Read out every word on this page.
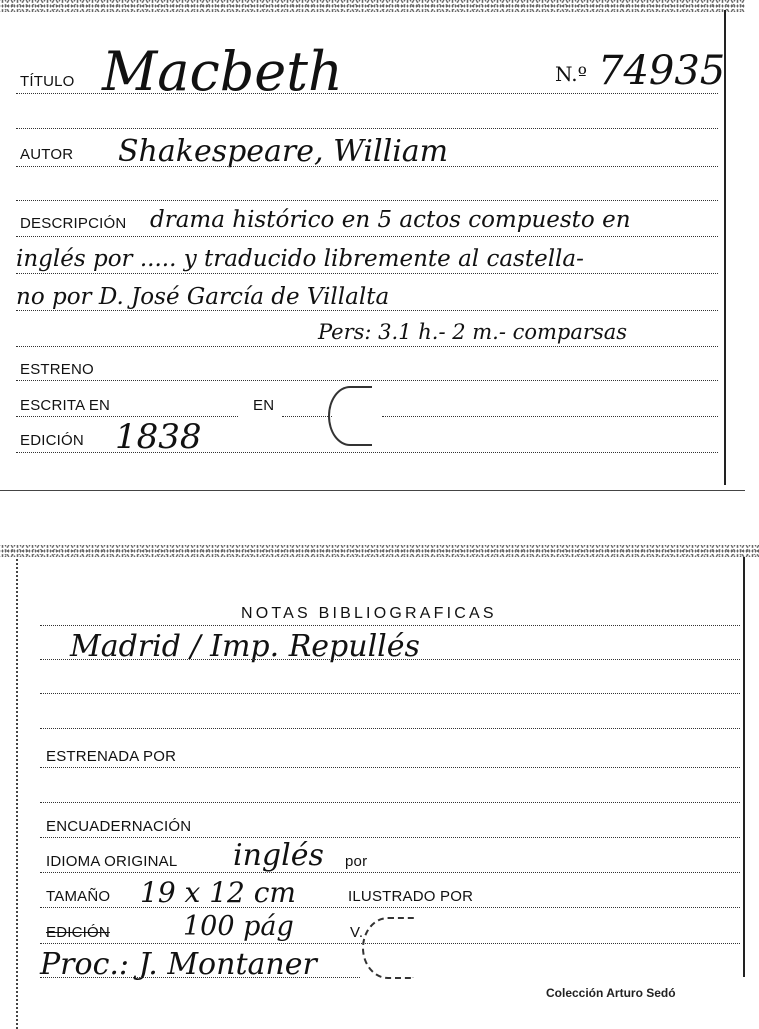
TÍTULO Macbeth	N.º 74935
AUTOR Shakespeare, William
DESCRIPCIÓN drama histórico en 5 actos compuesto en
inglés por ..... y traducido libremente al castella-
no por D. José García de Villalta
Pers: 3.1 h.- 2 m.- comparsas
ESTRENO
ESCRITA EN	EN
EDICIÓN 1838
NOTAS BIBLIOGRAFICAS
Madrid / Imp. Repullés
ESTRENADA POR
ENCUADERNACIÓN
IDIOMA ORIGINAL inglés por
TAMAÑO 19 x 12 cm	ILUSTRADO POR
EDICIÓN	100 pág	V.
Proc.: J. Montaner
Colección Arturo Sedó
